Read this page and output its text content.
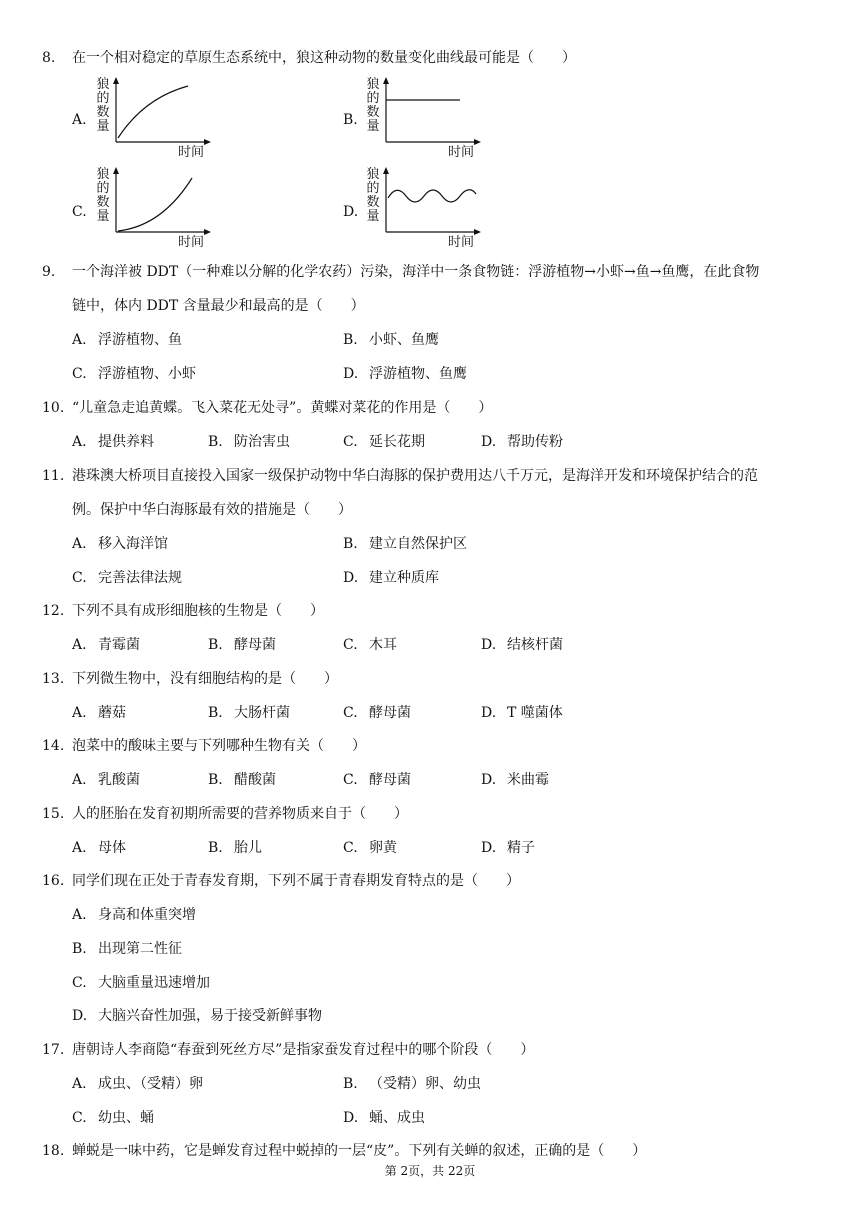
8. 在一个相对稳定的草原生态系统中，狼这种动物的数量变化曲线最可能是（　　）
A.
狼
的
数
量
时间
B.
狼
的
数
量
时间
C.
狼
的
数
量
时间
D.
狼
的
数
量
时间
9. 一个海洋被 DDT（一种难以分解的化学农药）污染，海洋中一条食物链：浮游植物→小虾→鱼→鱼鹰，在此食物
链中，体内 DDT 含量最少和最高的是（　　）
A. 浮游植物、鱼	B. 小虾、鱼鹰
C. 浮游植物、小虾	D. 浮游植物、鱼鹰
10. “儿童急走追黄蝶。飞入菜花无处寻”。黄蝶对菜花的作用是（　　）
A. 提供养料	B. 防治害虫	C. 延长花期	D. 帮助传粉
11. 港珠澳大桥项目直接投入国家一级保护动物中华白海豚的保护费用达八千万元，是海洋开发和环境保护结合的范
例。保护中华白海豚最有效的措施是（　　）
A. 移入海洋馆	B. 建立自然保护区
C. 完善法律法规	D. 建立种质库
12. 下列不具有成形细胞核的生物是（　　）
A. 青霉菌	B. 酵母菌	C. 木耳	D. 结核杆菌
13. 下列微生物中，没有细胞结构的是（　　）
A. 蘑菇	B. 大肠杆菌	C. 酵母菌	D. T 噬菌体
14. 泡菜中的酸味主要与下列哪种生物有关（　　）
A. 乳酸菌	B. 醋酸菌	C. 酵母菌	D. 米曲霉
15. 人的胚胎在发育初期所需要的营养物质来自于（　　）
A. 母体	B. 胎儿	C. 卵黄	D. 精子
16. 同学们现在正处于青春发育期，下列不属于青春期发育特点的是（　　）
A. 身高和体重突增
B. 出现第二性征
C. 大脑重量迅速增加
D. 大脑兴奋性加强，易于接受新鲜事物
17. 唐朝诗人李商隐“春蚕到死丝方尽”是指家蚕发育过程中的哪个阶段（　　）
A. 成虫、（受精）卵	B. （受精）卵、幼虫
C. 幼虫、蛹	D. 蛹、成虫
18. 蝉蜕是一味中药，它是蝉发育过程中蜕掉的一层“皮”。下列有关蝉的叙述，正确的是（　　）
第 2页，共 22页
